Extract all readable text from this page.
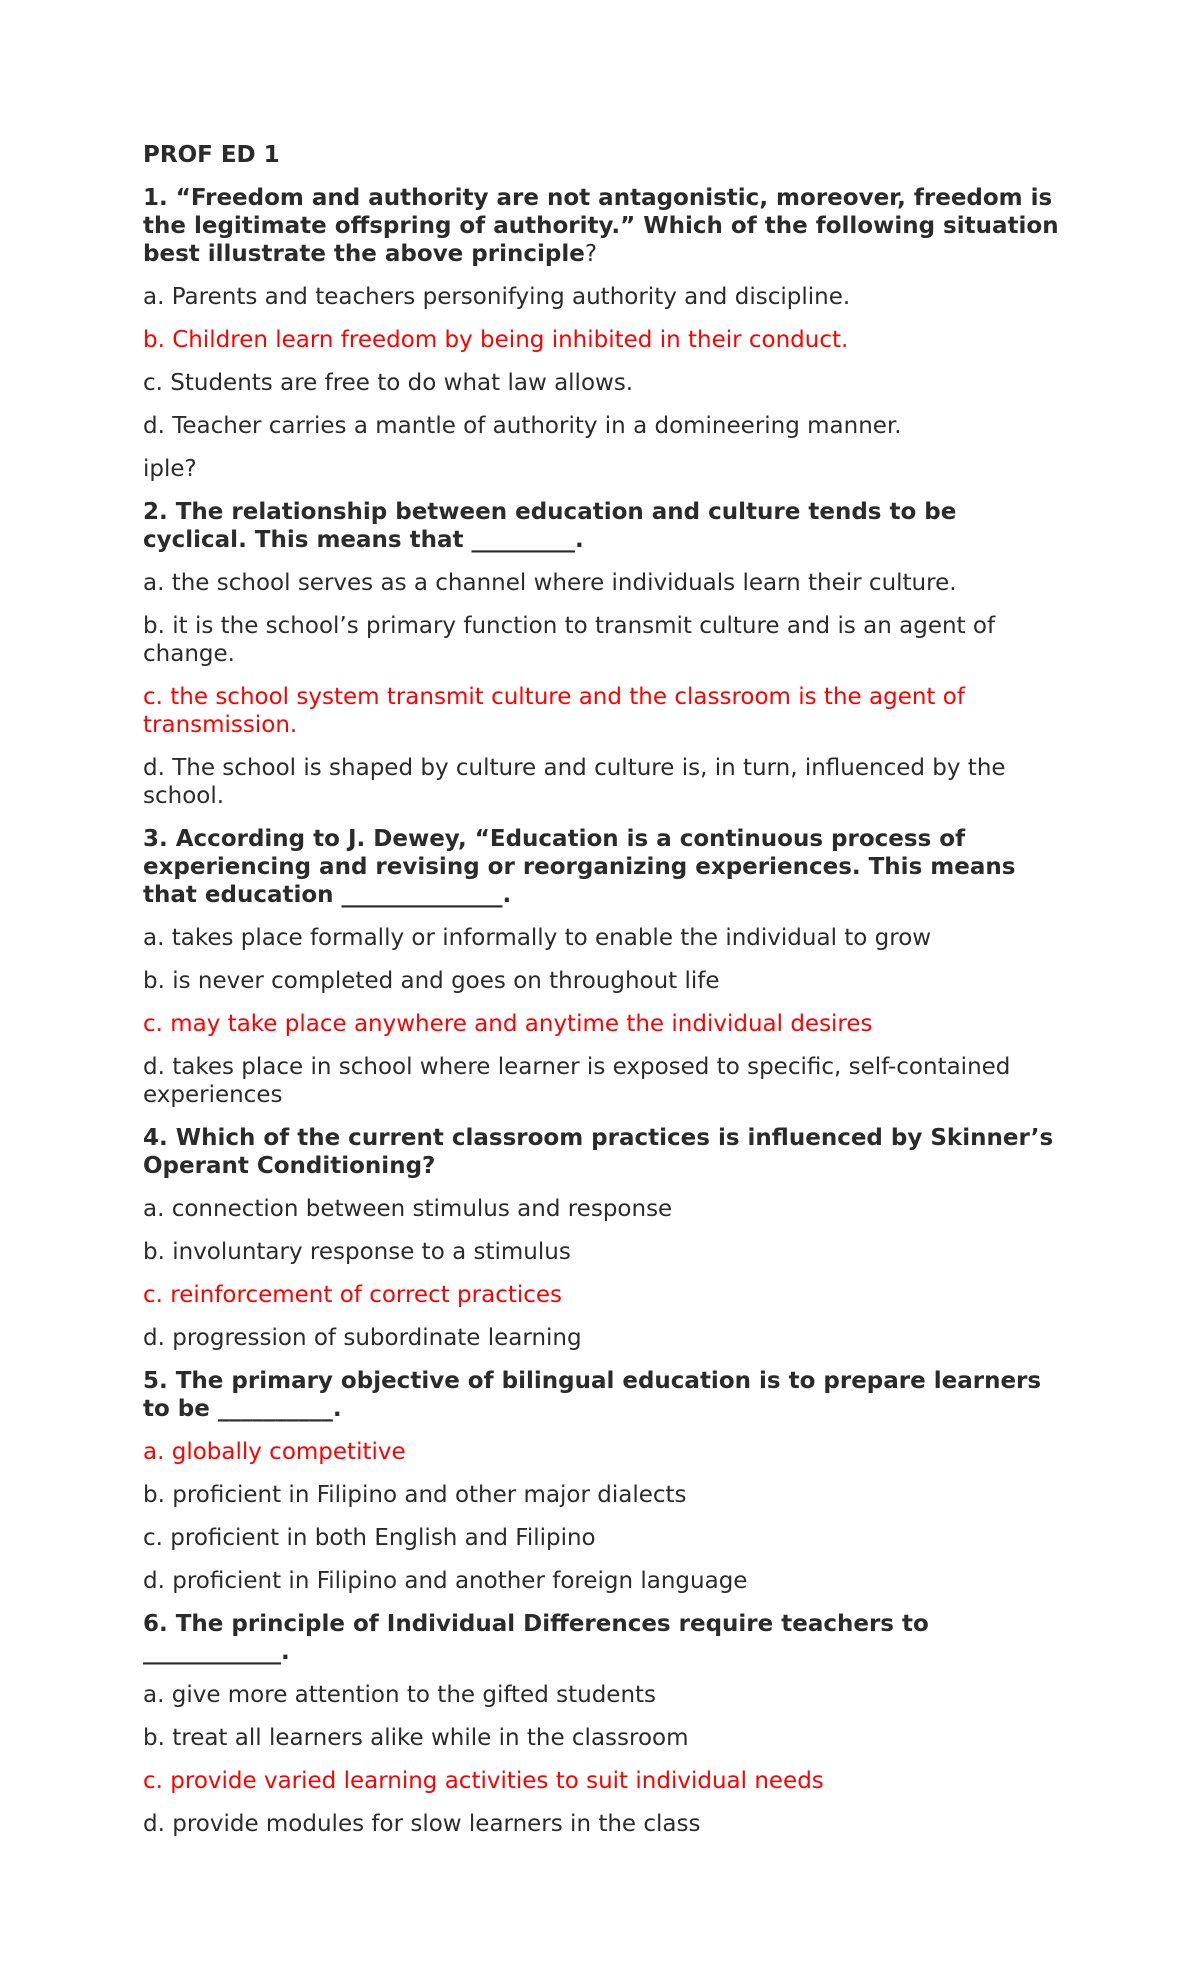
PROF ED 1
1. “Freedom and authority are not antagonistic, moreover, freedom is the legitimate offspring of authority.” Which of the following situation best illustrate the above principle?
a. Parents and teachers personifying authority and discipline.
b. Children learn freedom by being inhibited in their conduct.
c. Students are free to do what law allows.
d. Teacher carries a mantle of authority in a domineering manner.
iple?
2. The relationship between education and culture tends to be cyclical. This means that _________.
a. the school serves as a channel where individuals learn their culture.
b. it is the school’s primary function to transmit culture and is an agent of change.
c. the school system transmit culture and the classroom is the agent of transmission.
d. The school is shaped by culture and culture is, in turn, influenced by the school.
3. According to J. Dewey, “Education is a continuous process of experiencing and revising or reorganizing experiences. This means that education ______________.
a. takes place formally or informally to enable the individual to grow
b. is never completed and goes on throughout life
c. may take place anywhere and anytime the individual desires
d. takes place in school where learner is exposed to specific, self-contained experiences
4. Which of the current classroom practices is influenced by Skinner’s Operant Conditioning?
a. connection between stimulus and response
b. involuntary response to a stimulus
c. reinforcement of correct practices
d. progression of subordinate learning
5. The primary objective of bilingual education is to prepare learners to be __________.
a. globally competitive
b. proficient in Filipino and other major dialects
c. proficient in both English and Filipino
d. proficient in Filipino and another foreign language
6. The principle of Individual Differences require teachers to ____________.
a. give more attention to the gifted students
b. treat all learners alike while in the classroom
c. provide varied learning activities to suit individual needs
d. provide modules for slow learners in the class
